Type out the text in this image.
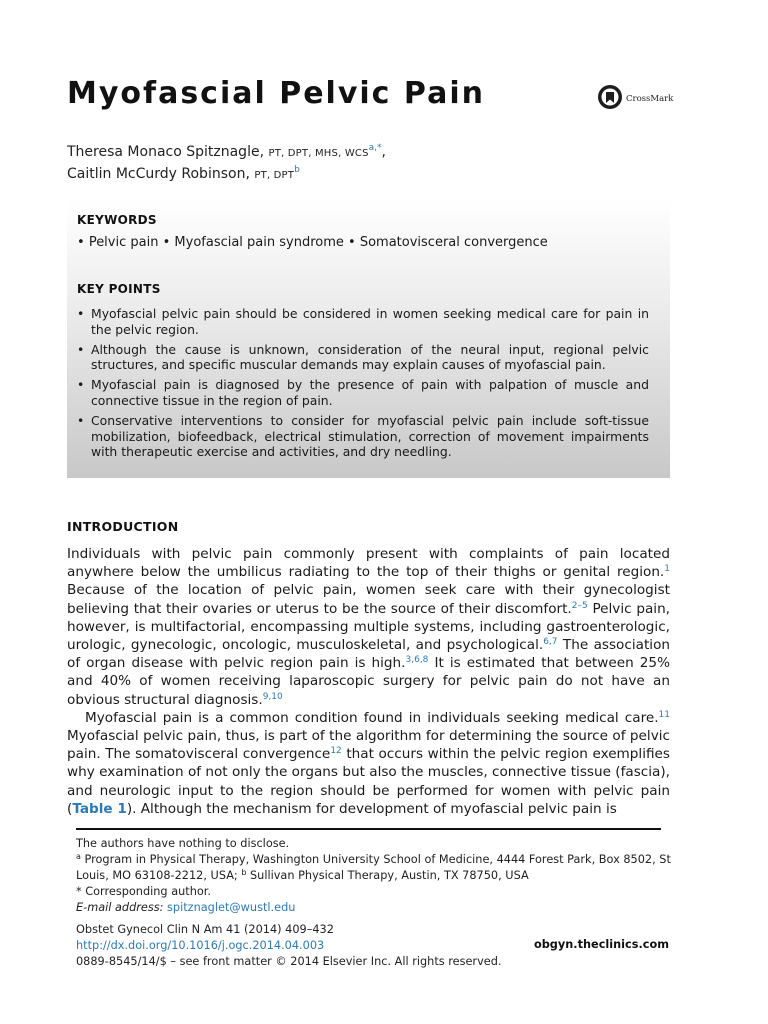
Myofascial Pelvic Pain	CrossMark
Theresa Monaco Spitznagle, PT, DPT, MHS, $WCS^{a,*}$,
Caitlin McCurdy Robinson, PT, DPT$^b$
KEYWORDS
• Pelvic pain • Myofascial pain syndrome • Somatovisceral convergence
KEY POINTS
• Myofascial pelvic pain should be considered in women seeking medical care for pain in the pelvic region.
• Although the cause is unknown, consideration of the neural input, regional pelvic structures, and specific muscular demands may explain causes of myofascial pain.
• Myofascial pain is diagnosed by the presence of pain with palpation of muscle and connective tissue in the region of pain.
• Conservative interventions to consider for myofascial pelvic pain include soft-tissue mobilization, biofeedback, electrical stimulation, correction of movement impairments with therapeutic exercise and activities, and dry needling.
INTRODUCTION

Individuals with pelvic pain commonly present with complaints of pain located anywhere below the umbilicus radiating to the top of their thighs or genital region.$^1$ Because of the location of pelvic pain, women seek care with their gynecologist believing that their ovaries or uterus to be the source of their discomfort.$^{2-5}$ Pelvic pain, however, is multifactorial, encompassing multiple systems, including gastroenterologic, urologic, gynecologic, oncologic, musculoskeletal, and psychological.$^{6,7}$ The association of organ disease with pelvic region pain is high.$^{3,6,8}$ It is estimated that between 25% and 40% of women receiving laparoscopic surgery for pelvic pain do not have an obvious structural diagnosis.$^{9,10}$

Myofascial pain is a common condition found in individuals seeking medical care.$^{11}$ Myofascial pelvic pain, thus, is part of the algorithm for determining the source of pelvic pain. The somatovisceral convergence$^{12}$ that occurs within the pelvic region exemplifies why examination of not only the organs but also the muscles, connective tissue (fascia), and neurologic input to the region should be performed for women with pelvic pain (Table 1). Although the mechanism for development of myofascial pelvic pain is

The authors have nothing to disclose.
$^a$ Program in Physical Therapy, Washington University School of Medicine, 4444 Forest Park, Box 8502, St Louis, MO 63108-2212, USA; $^b$ Sullivan Physical Therapy, Austin, TX 78750, USA
* Corresponding author.
E-mail address: spitznaglet@wustl.edu
Obstet Gynecol Clin N Am 41 (2014) 409–432
http://dx.doi.org/10.1016/j.ogc.2014.04.003
0889-8545/14/$ – see front matter © 2014 Elsevier Inc. All rights reserved.
obgyn.theclinics.com
